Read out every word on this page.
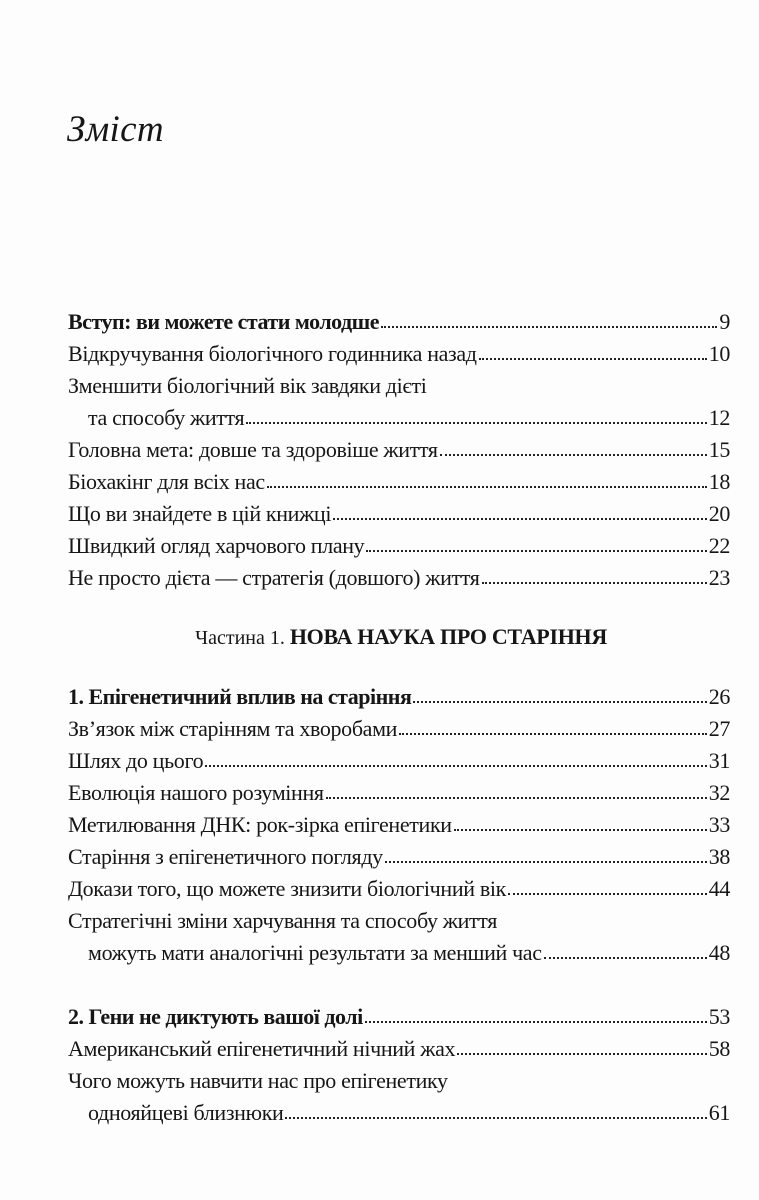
Зміст
Вступ: ви можете стати молодше	9
Відкручування біологічного годинника назад	10
Зменшити біологічний вік завдяки дієті
та способу життя	12
Головна мета: довше та здоровіше життя	15
Біохакінг для всіх нас	18
Що ви знайдете в цій книжці	20
Швидкий огляд харчового плану	22
Не просто дієта — стратегія (довшого) життя	23
Частина 1. НОВА НАУКА ПРО СТАРІННЯ
1. Епігенетичний вплив на старіння	26
Зв’язок між старінням та хворобами	27
Шлях до цього	31
Еволюція нашого розуміння	32
Метилювання ДНК: рок-зірка епігенетики	33
Старіння з епігенетичного погляду	38
Докази того, що можете знизити біологічний вік	44
Стратегічні зміни харчування та способу життя
можуть мати аналогічні результати за менший час	48
2. Гени не диктують вашої долі	53
Американський епігенетичний нічний жах	58
Чого можуть навчити нас про епігенетику
однояйцеві близнюки	61
